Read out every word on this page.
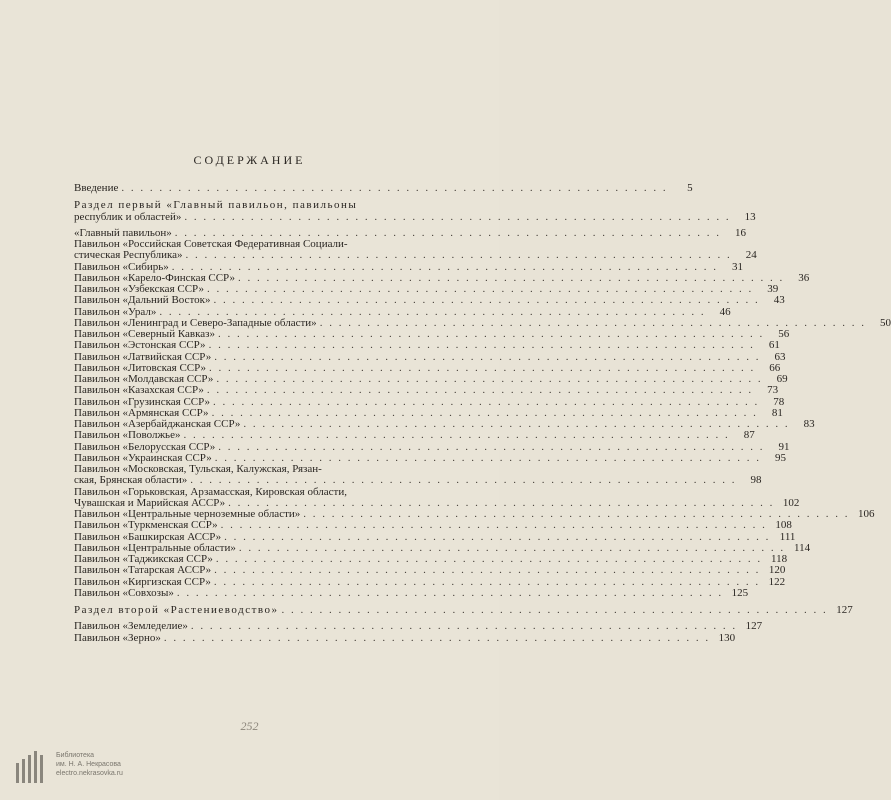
СОДЕРЖАНИЕ
Введение . . .	5
Раздел первый «Главный павильон, павильоны
республик и областей» . . .	13
«Главный павильон» . . .	16
Павильон «Российская Советская Федеративная Социали-
стическая Республика» . . .	24
Павильон «Сибирь» . . .	31
Павильон «Карело-Финская ССР» . . .	36
Павильон «Узбекская ССР» . . .	39
Павильон «Дальний Восток» . . .	43
Павильон «Урал» . . .	46
Павильон «Ленинград и Северо-Западные области» . . .	50
Павильон «Северный Кавказ» . . .	56
Павильон «Эстонская ССР» . . .	61
Павильон «Латвийская ССР» . . .	63
Павильон «Литовская ССР» . . .	66
Павильон «Молдавская ССР» . . .	69
Павильон «Казахская ССР» . . .	73
Павильон «Грузинская ССР» . . .	78
Павильон «Армянская ССР» . . .	81
Павильон «Азербайджанская ССР» . . .	83
Павильон «Поволжье» . . .	87
Павильон «Белорусская ССР» . . .	91
Павильон «Украинская ССР» . . .	95
Павильон «Московская, Тульская, Калужская, Рязан-
ская, Брянская области» . . .	98
Павильон «Горьковская, Арзамасская, Кировская области,
Чувашская и Марийская АССР» . . .	102
Павильон «Центральные черноземные области» . . .	106
Павильон «Туркменская ССР» . . .	108
Павильон «Башкирская АССР» . . .	111
Павильон «Центральные области» . . .	114
Павильон «Таджикская ССР» . . .	118
Павильон «Татарская АССР» . . .	120
Павильон «Киргизская ССР» . . .	122
Павильон «Совхозы» . . .	125
Раздел второй «Растениеводство» . . .	127
Павильон «Земледелие» . . .	127
Павильон «Зерно» . . .	130
252
Библиотека
им. Н. А. Некрасова
electro.nekrasovka.ru
